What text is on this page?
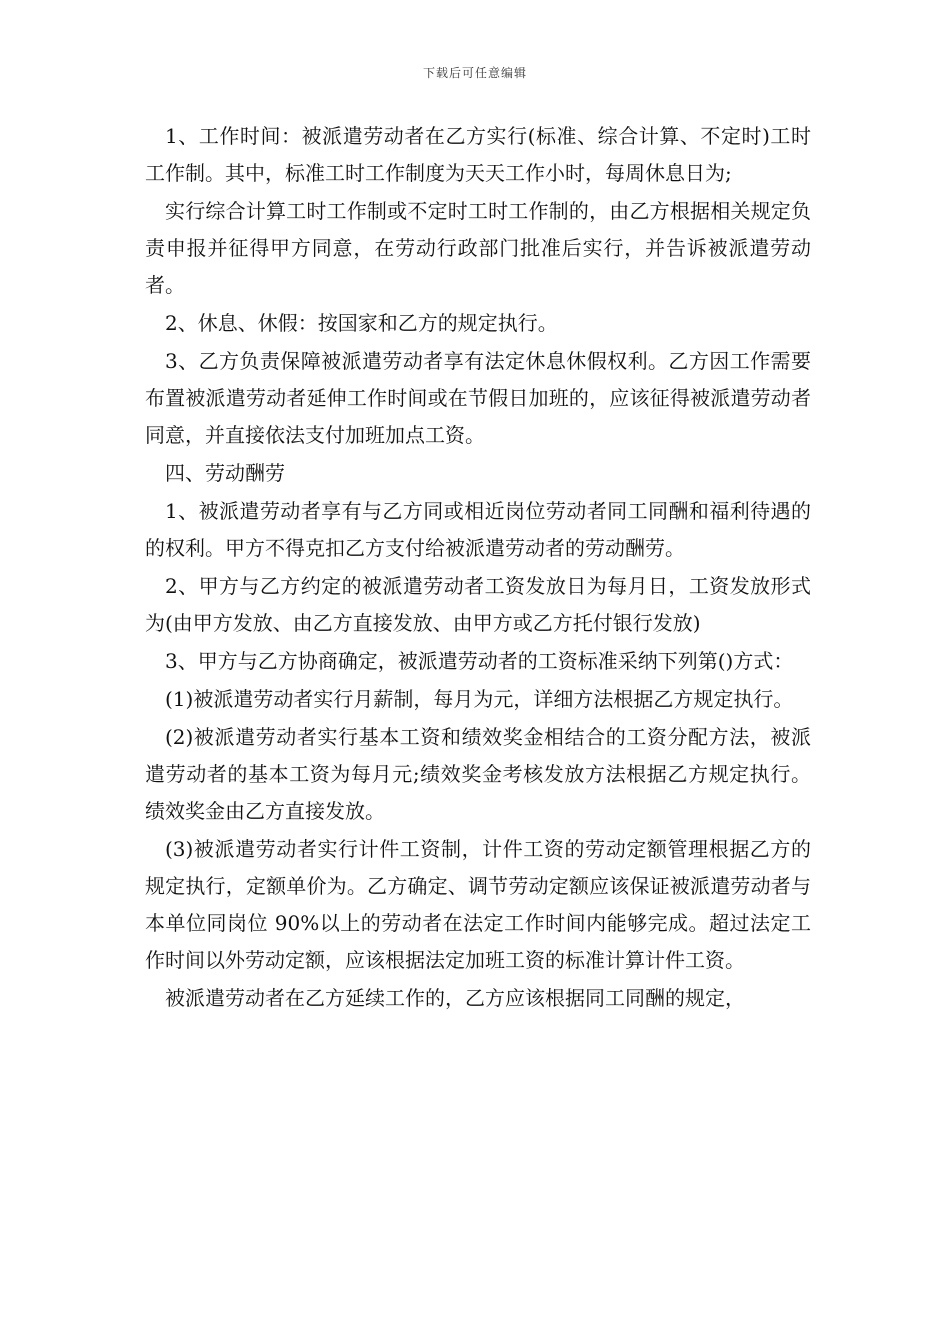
下载后可任意编辑

1、工作时间：被派遣劳动者在乙方实行(标准、综合计算、不定时)工时工作制。其中，标准工时工作制度为天天工作小时，每周休息日为;

实行综合计算工时工作制或不定时工时工作制的，由乙方根据相关规定负责申报并征得甲方同意，在劳动行政部门批准后实行，并告诉被派遣劳动者。

2、休息、休假：按国家和乙方的规定执行。

3、乙方负责保障被派遣劳动者享有法定休息休假权利。乙方因工作需要布置被派遣劳动者延伸工作时间或在节假日加班的，应该征得被派遣劳动者同意，并直接依法支付加班加点工资。

四、劳动酬劳

1、被派遣劳动者享有与乙方同或相近岗位劳动者同工同酬和福利待遇的的权利。甲方不得克扣乙方支付给被派遣劳动者的劳动酬劳。

2、甲方与乙方约定的被派遣劳动者工资发放日为每月日，工资发放形式为(由甲方发放、由乙方直接发放、由甲方或乙方托付银行发放)

3、甲方与乙方协商确定，被派遣劳动者的工资标准采纳下列第()方式：

(1)被派遣劳动者实行月薪制，每月为元，详细方法根据乙方规定执行。

(2)被派遣劳动者实行基本工资和绩效奖金相结合的工资分配方法，被派遣劳动者的基本工资为每月元;绩效奖金考核发放方法根据乙方规定执行。绩效奖金由乙方直接发放。

(3)被派遣劳动者实行计件工资制，计件工资的劳动定额管理根据乙方的规定执行，定额单价为。乙方确定、调节劳动定额应该保证被派遣劳动者与本单位同岗位 90%以上的劳动者在法定工作时间内能够完成。超过法定工作时间以外劳动定额，应该根据法定加班工资的标准计算计件工资。

被派遣劳动者在乙方延续工作的，乙方应该根据同工同酬的规定，
